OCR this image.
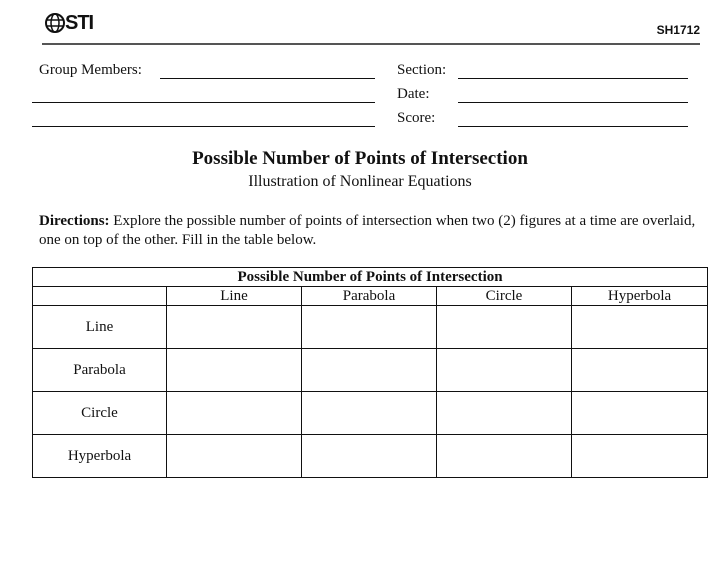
STI	SH1712
Group Members:	Section:
Date:
Score:
Possible Number of Points of Intersection
Illustration of Nonlinear Equations
Directions: Explore the possible number of points of intersection when two (2) figures at a time are overlaid, one on top of the other. Fill in the table below.
Possible Number of Points of Intersection				
	Line	Parabola	Circle	Hyperbola
Line				
Parabola				
Circle				
Hyperbola				
